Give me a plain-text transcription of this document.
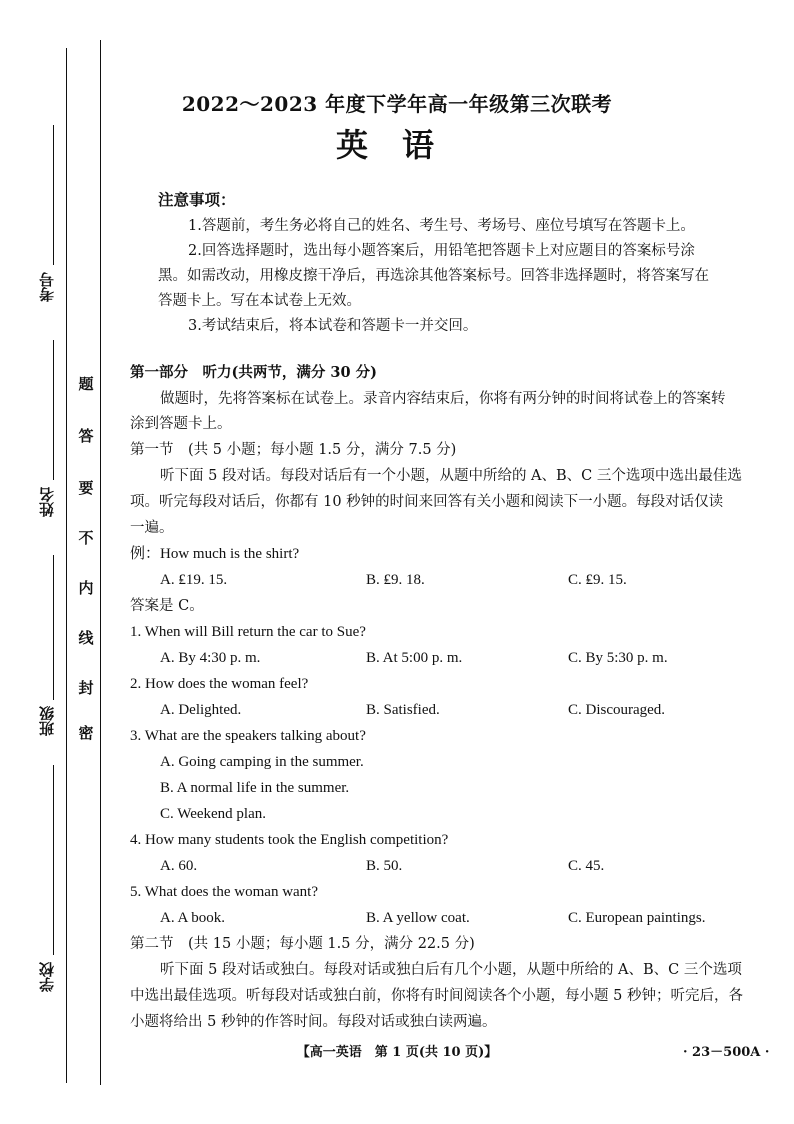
考号
姓名
班级
学校
题
答
要
不
内
线
封
密
2022～2023 年度下学年高一年级第三次联考
英语
注意事项：
1.答题前，考生务必将自己的姓名、考生号、考场号、座位号填写在答题卡上。
2.回答选择题时，选出每小题答案后，用铅笔把答题卡上对应题目的答案标号涂
黑。如需改动，用橡皮擦干净后，再选涂其他答案标号。回答非选择题时，将答案写在
答题卡上。写在本试卷上无效。
3.考试结束后，将本试卷和答题卡一并交回。
第一部分　听力(共两节，满分 30 分)
做题时，先将答案标在试卷上。录音内容结束后，你将有两分钟的时间将试卷上的答案转
涂到答题卡上。
第一节　(共 5 小题；每小题 1.5 分，满分 7.5 分)
听下面 5 段对话。每段对话后有一个小题，从题中所给的 A、B、C 三个选项中选出最佳选
项。听完每段对话后，你都有 10 秒钟的时间来回答有关小题和阅读下一小题。每段对话仅读
一遍。
例：How much is the shirt?
A. ₤19. 15.	B. ₤9. 18.	C. ₤9. 15.
答案是 C。
1. When will Bill return the car to Sue?
A. By 4:30 p. m.	B. At 5:00 p. m.	C. By 5:30 p. m.
2. How does the woman feel?
A. Delighted.	B. Satisfied.	C. Discouraged.
3. What are the speakers talking about?
A. Going camping in the summer.
B. A normal life in the summer.
C. Weekend plan.
4. How many students took the English competition?
A. 60.	B. 50.	C. 45.
5. What does the woman want?
A. A book.	B. A yellow coat.	C. European paintings.
第二节　(共 15 小题；每小题 1.5 分，满分 22.5 分)
听下面 5 段对话或独白。每段对话或独白后有几个小题，从题中所给的 A、B、C 三个选项
中选出最佳选项。听每段对话或独白前，你将有时间阅读各个小题，每小题 5 秒钟；听完后，各
小题将给出 5 秒钟的作答时间。每段对话或独白读两遍。
【高一英语　第 1 页(共 10 页)】	· 23－500A ·
